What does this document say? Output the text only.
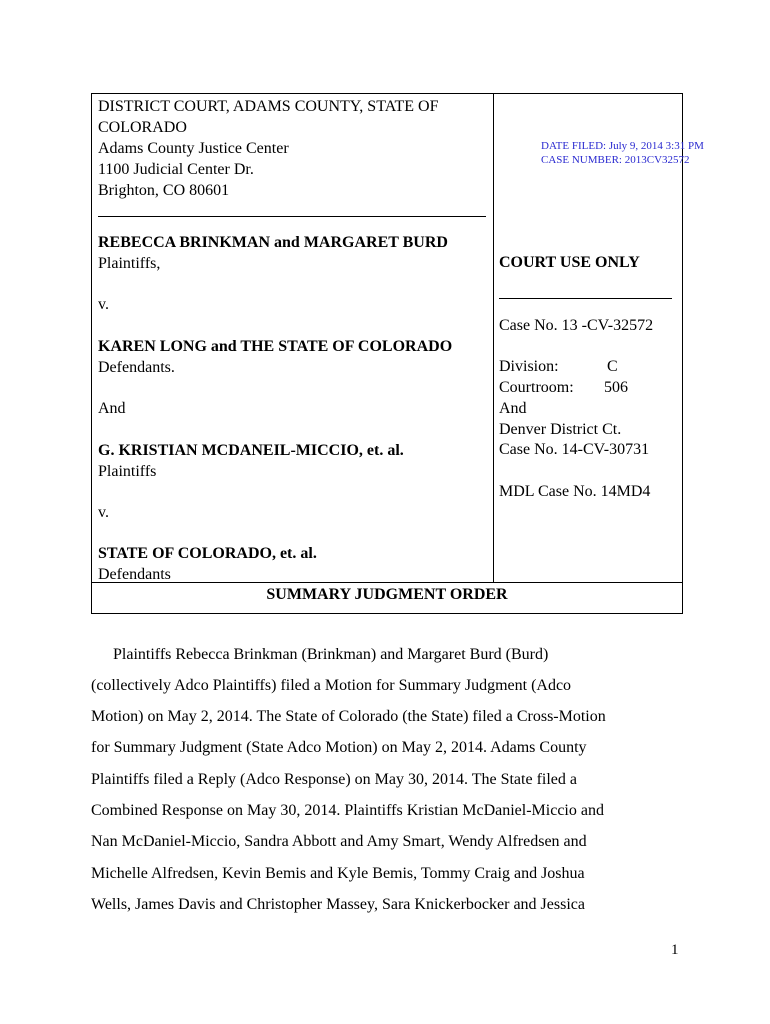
DISTRICT COURT, ADAMS COUNTY, STATE OF
COLORADO
Adams County Justice Center
1100 Judicial Center Dr.
Brighton, CO 80601
REBECCA BRINKMAN and MARGARET BURD
Plaintiffs,
v.
KAREN LONG and THE STATE OF COLORADO
Defendants.
And
G. KRISTIAN MCDANEIL-MICCIO, et. al.
Plaintiffs
v.
STATE OF COLORADO, et. al.
Defendants
DATE FILED: July 9, 2014 3:31 PM
CASE NUMBER: 2013CV32572
COURT USE ONLY
Case No. 13 -CV-32572
Division:	C
Courtroom: 506
And
Denver District Ct.
Case No. 14-CV-30731
MDL Case No. 14MD4
SUMMARY JUDGMENT ORDER
Plaintiffs Rebecca Brinkman (Brinkman) and Margaret Burd (Burd)
(collectively Adco Plaintiffs) filed a Motion for Summary Judgment (Adco
Motion) on May 2, 2014. The State of Colorado (the State) filed a Cross-Motion
for Summary Judgment (State Adco Motion) on May 2, 2014. Adams County
Plaintiffs filed a Reply (Adco Response) on May 30, 2014. The State filed a
Combined Response on May 30, 2014. Plaintiffs Kristian McDaniel-Miccio and
Nan McDaniel-Miccio, Sandra Abbott and Amy Smart, Wendy Alfredsen and
Michelle Alfredsen, Kevin Bemis and Kyle Bemis, Tommy Craig and Joshua
Wells, James Davis and Christopher Massey, Sara Knickerbocker and Jessica
1
